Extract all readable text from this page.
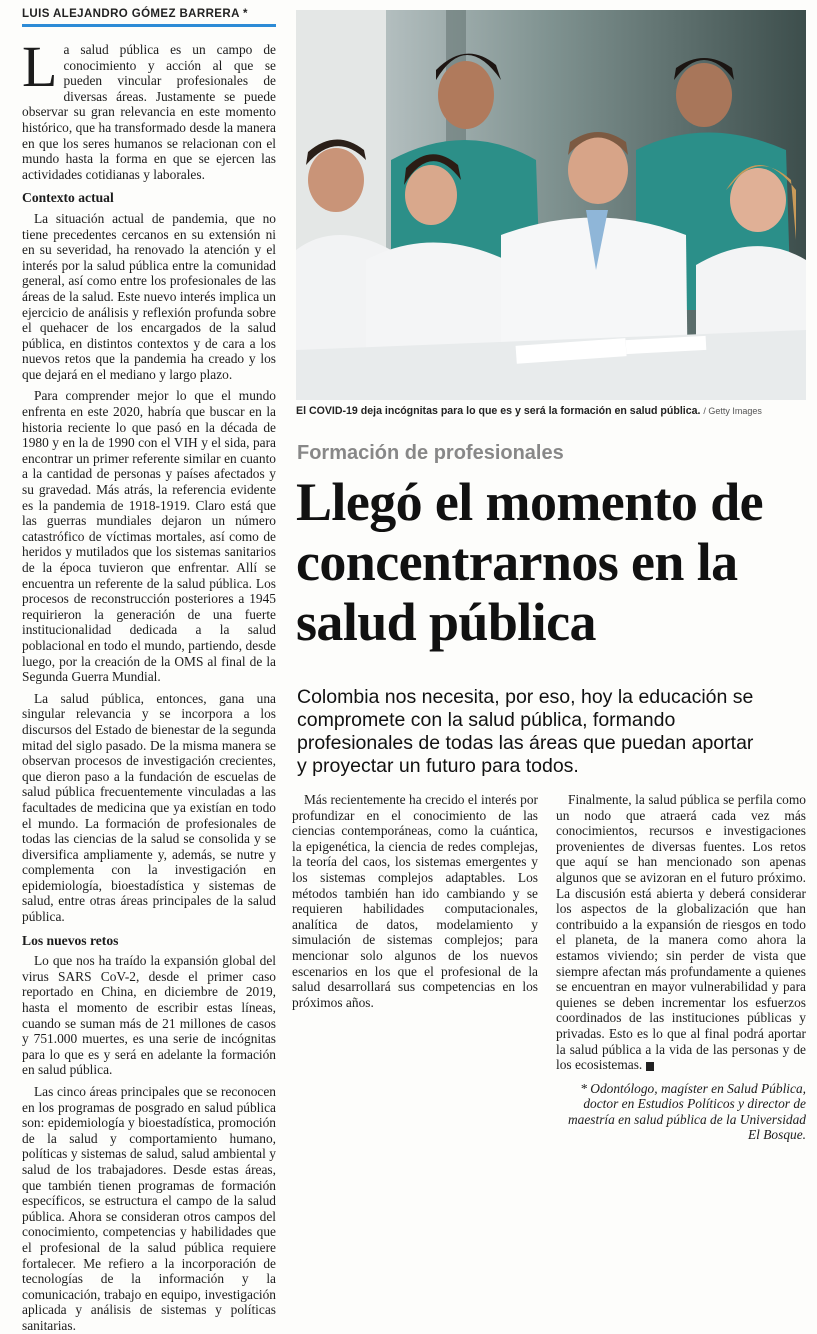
LUIS ALEJANDRO GÓMEZ BARRERA *

La salud pública es un campo de conocimiento y acción al que se pueden vincular profesionales de diversas áreas. Justamente se puede observar su gran relevancia en este momento histórico, que ha transformado desde la manera en que los seres humanos se relacionan con el mundo hasta la forma en que se ejercen las actividades cotidianas y laborales.

Contexto actual

La situación actual de pandemia, que no tiene precedentes cercanos en su extensión ni en su severidad, ha renovado la atención y el interés por la salud pública entre la comunidad general, así como entre los profesionales de las áreas de la salud. Este nuevo interés implica un ejercicio de análisis y reflexión profunda sobre el quehacer de los encargados de la salud pública, en distintos contextos y de cara a los nuevos retos que la pandemia ha creado y los que dejará en el mediano y largo plazo.

Para comprender mejor lo que el mundo enfrenta en este 2020, habría que buscar en la historia reciente lo que pasó en la década de 1980 y en la de 1990 con el VIH y el sida, para encontrar un primer referente similar en cuanto a la cantidad de personas y países afectados y su gravedad. Más atrás, la referencia evidente es la pandemia de 1918-1919. Claro está que las guerras mundiales dejaron un número catastrófico de víctimas mortales, así como de heridos y mutilados que los sistemas sanitarios de la época tuvieron que enfrentar. Allí se encuentra un referente de la salud pública. Los procesos de reconstrucción posteriores a 1945 requirieron la generación de una fuerte institucionalidad dedicada a la salud poblacional en todo el mundo, partiendo, desde luego, por la creación de la OMS al final de la Segunda Guerra Mundial.

La salud pública, entonces, gana una singular relevancia y se incorpora a los discursos del Estado de bienestar de la segunda mitad del siglo pasado. De la misma manera se observan procesos de investigación crecientes, que dieron paso a la fundación de escuelas de salud pública frecuentemente vinculadas a las facultades de medicina que ya existían en todo el mundo. La formación de profesionales de todas las ciencias de la salud se consolida y se diversifica ampliamente y, además, se nutre y complementa con la investigación en epidemiología, bioestadística y sistemas de salud, entre otras áreas principales de la salud pública.

Los nuevos retos

Lo que nos ha traído la expansión global del virus SARS CoV-2, desde el primer caso reportado en China, en diciembre de 2019, hasta el momento de escribir estas líneas, cuando se suman más de 21 millones de casos y 751.000 muertes, es una serie de incógnitas para lo que es y será en adelante la formación en salud pública.

Las cinco áreas principales que se reconocen en los programas de posgrado en salud pública son: epidemiología y bioestadística, promoción de la salud y comportamiento humano, políticas y sistemas de salud, salud ambiental y salud de los trabajadores. Desde estas áreas, que también tienen programas de formación específicos, se estructura el campo de la salud pública. Ahora se consideran otros campos del conocimiento, competencias y habilidades que el profesional de la salud pública requiere fortalecer. Me refiero a la incorporación de tecnologías de la información y la comunicación, trabajo en equipo, investigación aplicada y análisis de sistemas y políticas sanitarias.

El COVID-19 deja incógnitas para lo que es y será la formación en salud pública. / Getty Images
Formación de profesionales
Llegó el momento de concentrarnos en la salud pública
Colombia nos necesita, por eso, hoy la educación se compromete con la salud pública, formando profesionales de todas las áreas que puedan aportar y proyectar un futuro para todos.

Más recientemente ha crecido el interés por profundizar en el conocimiento de las ciencias contemporáneas, como la cuántica, la epigenética, la ciencia de redes complejas, la teoría del caos, los sistemas emergentes y los sistemas complejos adaptables. Los métodos también han ido cambiando y se requieren habilidades computacionales, analítica de datos, modelamiento y simulación de sistemas complejos; para mencionar solo algunos de los nuevos escenarios en los que el profesional de la salud desarrollará sus competencias en los próximos años.

Finalmente, la salud pública se perfila como un nodo que atraerá cada vez más conocimientos, recursos e investigaciones provenientes de diversas fuentes. Los retos que aquí se han mencionado son apenas algunos que se avizoran en el futuro próximo. La discusión está abierta y deberá considerar los aspectos de la globalización que han contribuido a la expansión de riesgos en todo el planeta, de la manera como ahora la estamos viviendo; sin perder de vista que siempre afectan más profundamente a quienes se encuentran en mayor vulnerabilidad y para quienes se deben incrementar los esfuerzos coordinados de las instituciones públicas y privadas. Esto es lo que al final podrá aportar la salud pública a la vida de las personas y de los ecosistemas.

* Odontólogo, magíster en Salud Pública, doctor en Estudios Políticos y director de maestría en salud pública de la Universidad El Bosque.
